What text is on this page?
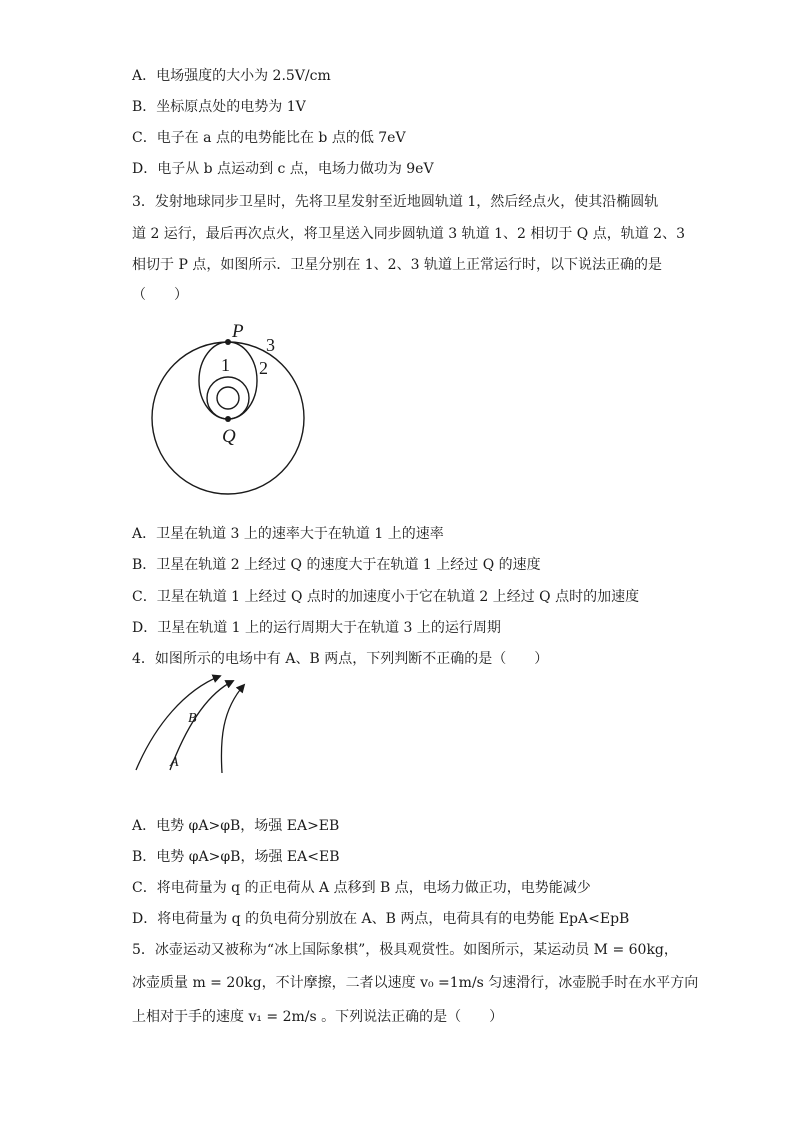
A．电场强度的大小为 2.5V/cm
B．坐标原点处的电势为 1V
C．电子在 a 点的电势能比在 b 点的低 7eV
D．电子从 b 点运动到 c 点，电场力做功为 9eV
3．发射地球同步卫星时，先将卫星发射至近地圆轨道 1，然后经点火，使其沿椭圆轨
道 2 运行，最后再次点火，将卫星送入同步圆轨道 3 轨道 1、2 相切于 Q 点，轨道 2、3
相切于 P 点，如图所示．卫星分别在 1、2、3 轨道上正常运行时，以下说法正确的是
（　　）
P
Q
1 2
3
A．卫星在轨道 3 上的速率大于在轨道 1 上的速率
B．卫星在轨道 2 上经过 Q 的速度大于在轨道 1 上经过 Q 的速度
C．卫星在轨道 1 上经过 Q 点时的加速度小于它在轨道 2 上经过 Q 点时的加速度
D．卫星在轨道 1 上的运行周期大于在轨道 3 上的运行周期
4．如图所示的电场中有 A、B 两点，下列判断不正确的是（　　）
A
B
A．电势 φA>φB，场强 EA>EB
B．电势 φA>φB，场强 EA<EB
C．将电荷量为 q 的正电荷从 A 点移到 B 点，电场力做正功，电势能减少
D．将电荷量为 q 的负电荷分别放在 A、B 两点，电荷具有的电势能 EpA<EpB
5．冰壶运动又被称为“冰上国际象棋”，极具观赏性。如图所示，某运动员 M = 60kg，
冰壶质量 m = 20kg，不计摩擦，二者以速度 v₀ =1m/s 匀速滑行，冰壶脱手时在水平方向
上相对于手的速度 v₁ = 2m/s 。下列说法正确的是（　　）
